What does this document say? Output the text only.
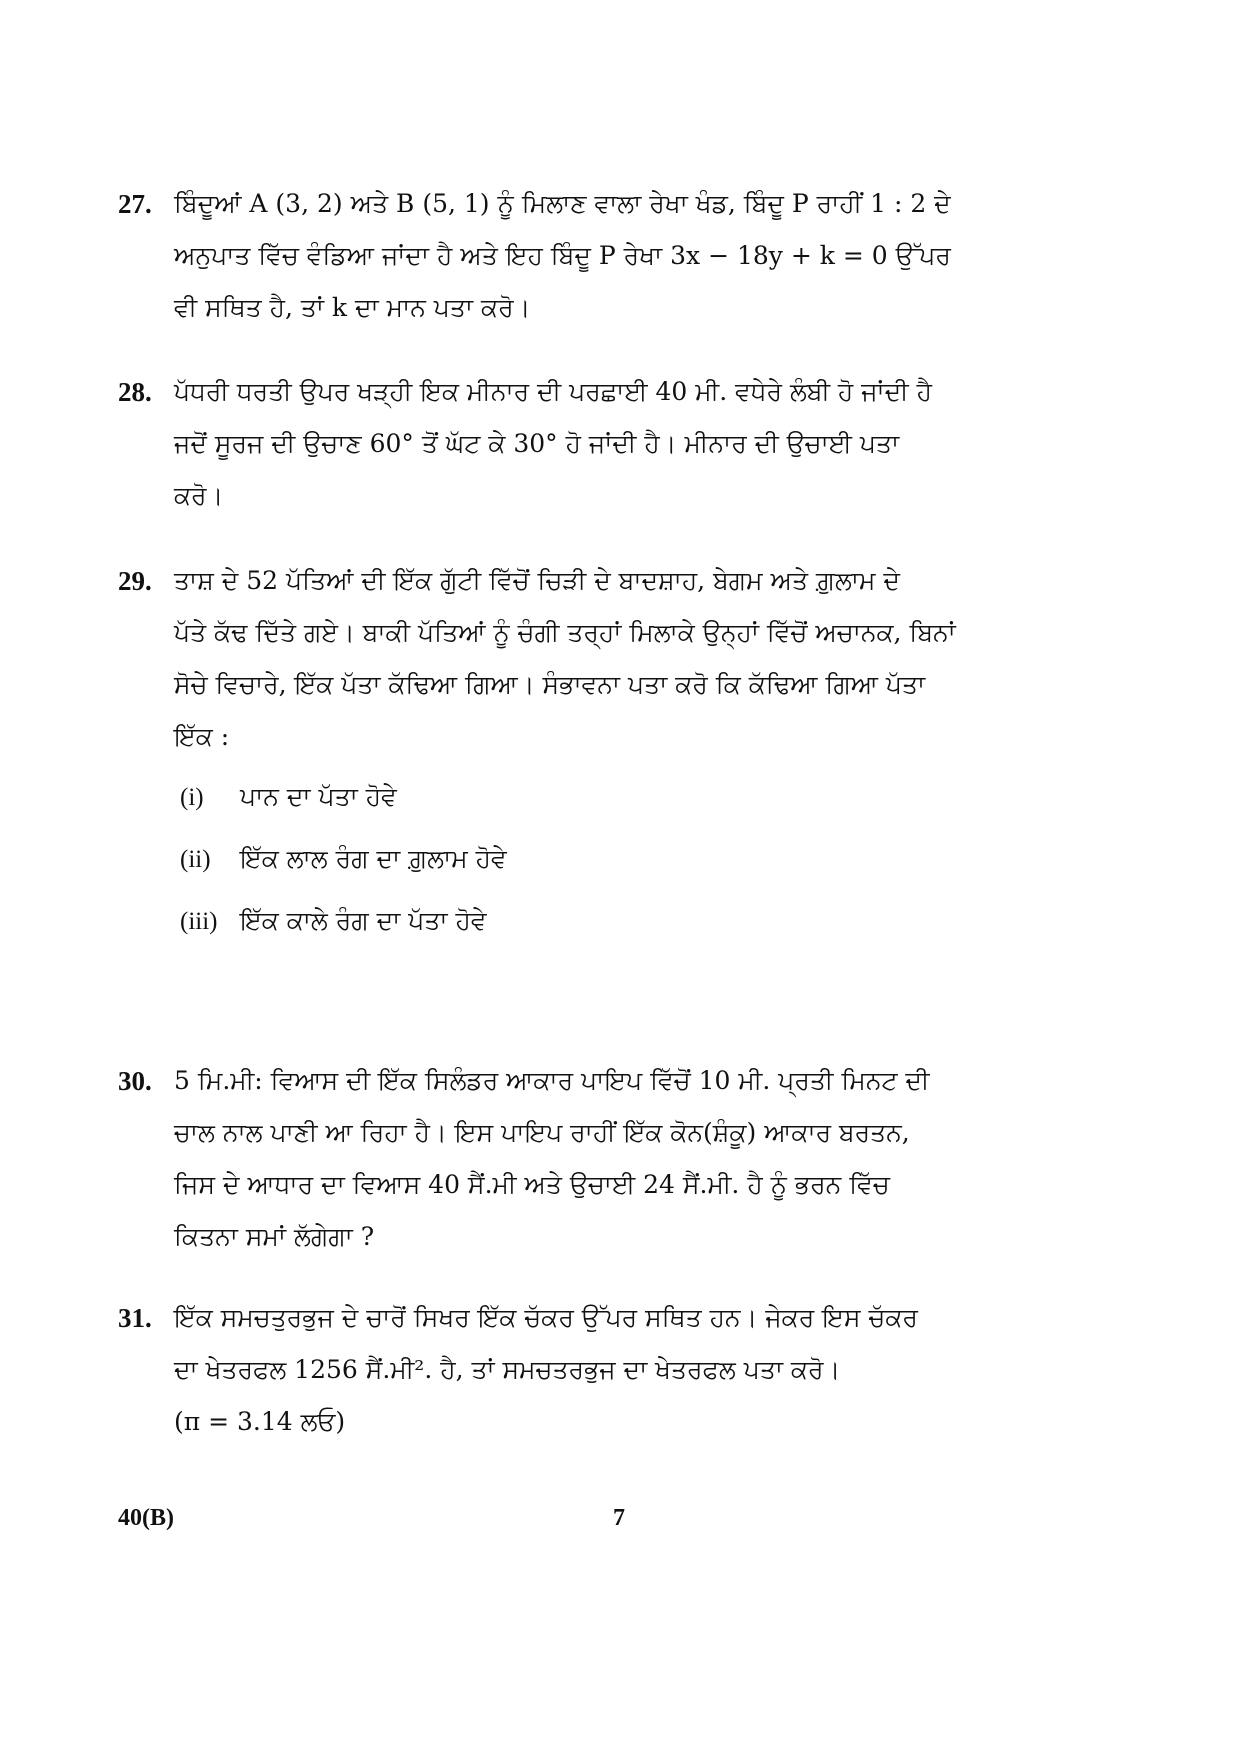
27. ਬਿੰਦੂਆਂ A (3, 2) ਅਤੇ B (5, 1) ਨੂੰ ਮਿਲਾਣ ਵਾਲਾ ਰੇਖਾ ਖੰਡ, ਬਿੰਦੂ P ਰਾਹੀਂ 1 : 2 ਦੇ
ਅਨੁਪਾਤ ਵਿੱਚ ਵੰਡਿਆ ਜਾਂਦਾ ਹੈ ਅਤੇ ਇਹ ਬਿੰਦੂ P ਰੇਖਾ 3x − 18y + k = 0 ਉੱਪਰ
ਵੀ ਸਥਿਤ ਹੈ, ਤਾਂ k ਦਾ ਮਾਨ ਪਤਾ ਕਰੋ।
28. ਪੱਧਰੀ ਧਰਤੀ ਉਪਰ ਖੜ੍ਹੀ ਇਕ ਮੀਨਾਰ ਦੀ ਪਰਛਾਈ 40 ਮੀ. ਵਧੇਰੇ ਲੰਬੀ ਹੋ ਜਾਂਦੀ ਹੈ
ਜਦੋਂ ਸੂਰਜ ਦੀ ਉਚਾਣ 60° ਤੋਂ ਘੱਟ ਕੇ 30° ਹੋ ਜਾਂਦੀ ਹੈ। ਮੀਨਾਰ ਦੀ ਉਚਾਈ ਪਤਾ
ਕਰੋ।
29. ਤਾਸ਼ ਦੇ 52 ਪੱਤਿਆਂ ਦੀ ਇੱਕ ਗੁੱਟੀ ਵਿੱਚੋਂ ਚਿੜੀ ਦੇ ਬਾਦਸ਼ਾਹ, ਬੇਗਮ ਅਤੇ ਗ਼ੁਲਾਮ ਦੇ
ਪੱਤੇ ਕੱਢ ਦਿੱਤੇ ਗਏ। ਬਾਕੀ ਪੱਤਿਆਂ ਨੂੰ ਚੰਗੀ ਤਰ੍ਹਾਂ ਮਿਲਾਕੇ ਉਨ੍ਹਾਂ ਵਿੱਚੋਂ ਅਚਾਨਕ, ਬਿਨਾਂ
ਸੋਚੇ ਵਿਚਾਰੇ, ਇੱਕ ਪੱਤਾ ਕੱਢਿਆ ਗਿਆ। ਸੰਭਾਵਨਾ ਪਤਾ ਕਰੋ ਕਿ ਕੱਢਿਆ ਗਿਆ ਪੱਤਾ
ਇੱਕ :
(i) ਪਾਨ ਦਾ ਪੱਤਾ ਹੋਵੇ
(ii) ਇੱਕ ਲਾਲ ਰੰਗ ਦਾ ਗ਼ੁਲਾਮ ਹੋਵੇ
(iii) ਇੱਕ ਕਾਲੇ ਰੰਗ ਦਾ ਪੱਤਾ ਹੋਵੇ
30. 5 ਮਿ.ਮੀ: ਵਿਆਸ ਦੀ ਇੱਕ ਸਿਲੰਡਰ ਆਕਾਰ ਪਾਇਪ ਵਿੱਚੋਂ 10 ਮੀ. ਪ੍ਰਤੀ ਮਿਨਟ ਦੀ
ਚਾਲ ਨਾਲ ਪਾਣੀ ਆ ਰਿਹਾ ਹੈ। ਇਸ ਪਾਇਪ ਰਾਹੀਂ ਇੱਕ ਕੋਨ(ਸ਼ੰਕੂ) ਆਕਾਰ ਬਰਤਨ,
ਜਿਸ ਦੇ ਆਧਾਰ ਦਾ ਵਿਆਸ 40 ਸੈਂ.ਮੀ ਅਤੇ ਉਚਾਈ 24 ਸੈਂ.ਮੀ. ਹੈ ਨੂੰ ਭਰਨ ਵਿੱਚ
ਕਿਤਨਾ ਸਮਾਂ ਲੱਗੇਗਾ ?
31. ਇੱਕ ਸਮਚਤੁਰਭੁਜ ਦੇ ਚਾਰੋਂ ਸਿਖਰ ਇੱਕ ਚੱਕਰ ਉੱਪਰ ਸਥਿਤ ਹਨ। ਜੇਕਰ ਇਸ ਚੱਕਰ
ਦਾ ਖੇਤਰਫਲ 1256 ਸੈਂ.ਮੀ². ਹੈ, ਤਾਂ ਸਮਚਤਰਭੁਜ ਦਾ ਖੇਤਰਫਲ ਪਤਾ ਕਰੋ।
(π = 3.14 ਲਓ)
40(B)	7
